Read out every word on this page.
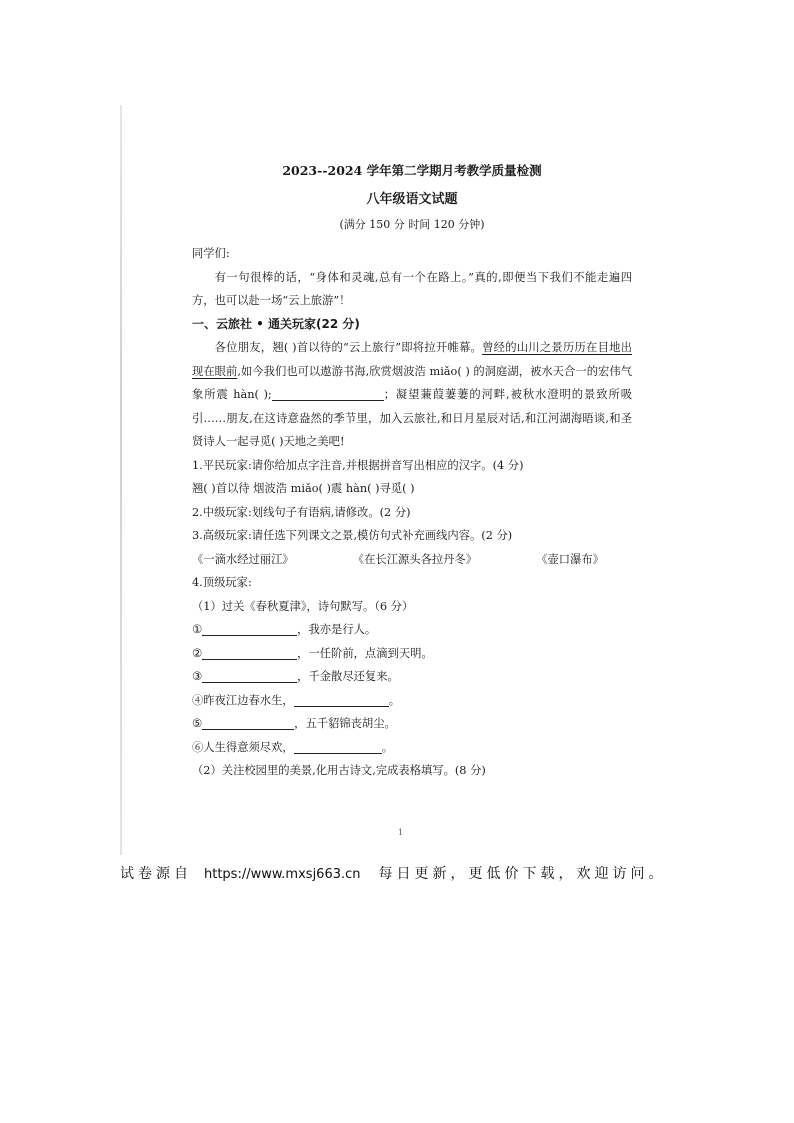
2023--2024 学年第二学期月考教学质量检测
八年级语文试题
(满分 150 分 时间 120 分钟)

同学们:

有一句很棒的话，“身体和灵魂,总有一个在路上。”真的,即便当下我们不能走遍四方，也可以赴一场“云上旅游”！

一、云旅社 • 通关玩家(22 分)

各位朋友，翘( )首以待的“云上旅行”即将拉开帷幕。曾经的山川之景历历在目地出现在眼前,如今我们也可以遨游书海,欣赏烟波浩 miǎo( ) 的洞庭湖，被水天合一的宏伟气象所震 hàn( );	；凝望蒹葭萋萋的河畔,被秋水澄明的景致所吸引……朋友,在这诗意盎然的季节里，加入云旅社,和日月星辰对话,和江河湖海晤谈,和圣贤诗人一起寻觅( )天地之美吧!

1.平民玩家:请你给加点字注音,并根据拼音写出相应的汉字。(4 分)

翘( )首以待 烟波浩 miǎo( )震 hàn( )寻觅( )

2.中级玩家:划线句子有语病,请修改。(2 分)

3.高级玩家:请任选下列课文之景,模仿句式补充画线内容。(2 分)

《一滴水经过丽江》	《在长江源头各拉丹冬》	《壶口瀑布》

4.顶级玩家:

（1）过关《春秋夏津》，诗句默写。（6 分）

①	，我亦是行人。

②	，一任阶前，点滴到天明。

③	，千金散尽还复来。

④昨夜江边春水生，	。

⑤	，五千貂锦丧胡尘。

⑥人生得意须尽欢，	。

（2）关注校园里的美景,化用古诗文,完成表格填写。(8 分)

1
试卷源自 https://www.mxsj663.cn 每日更新，更低价下载，欢迎访问。
